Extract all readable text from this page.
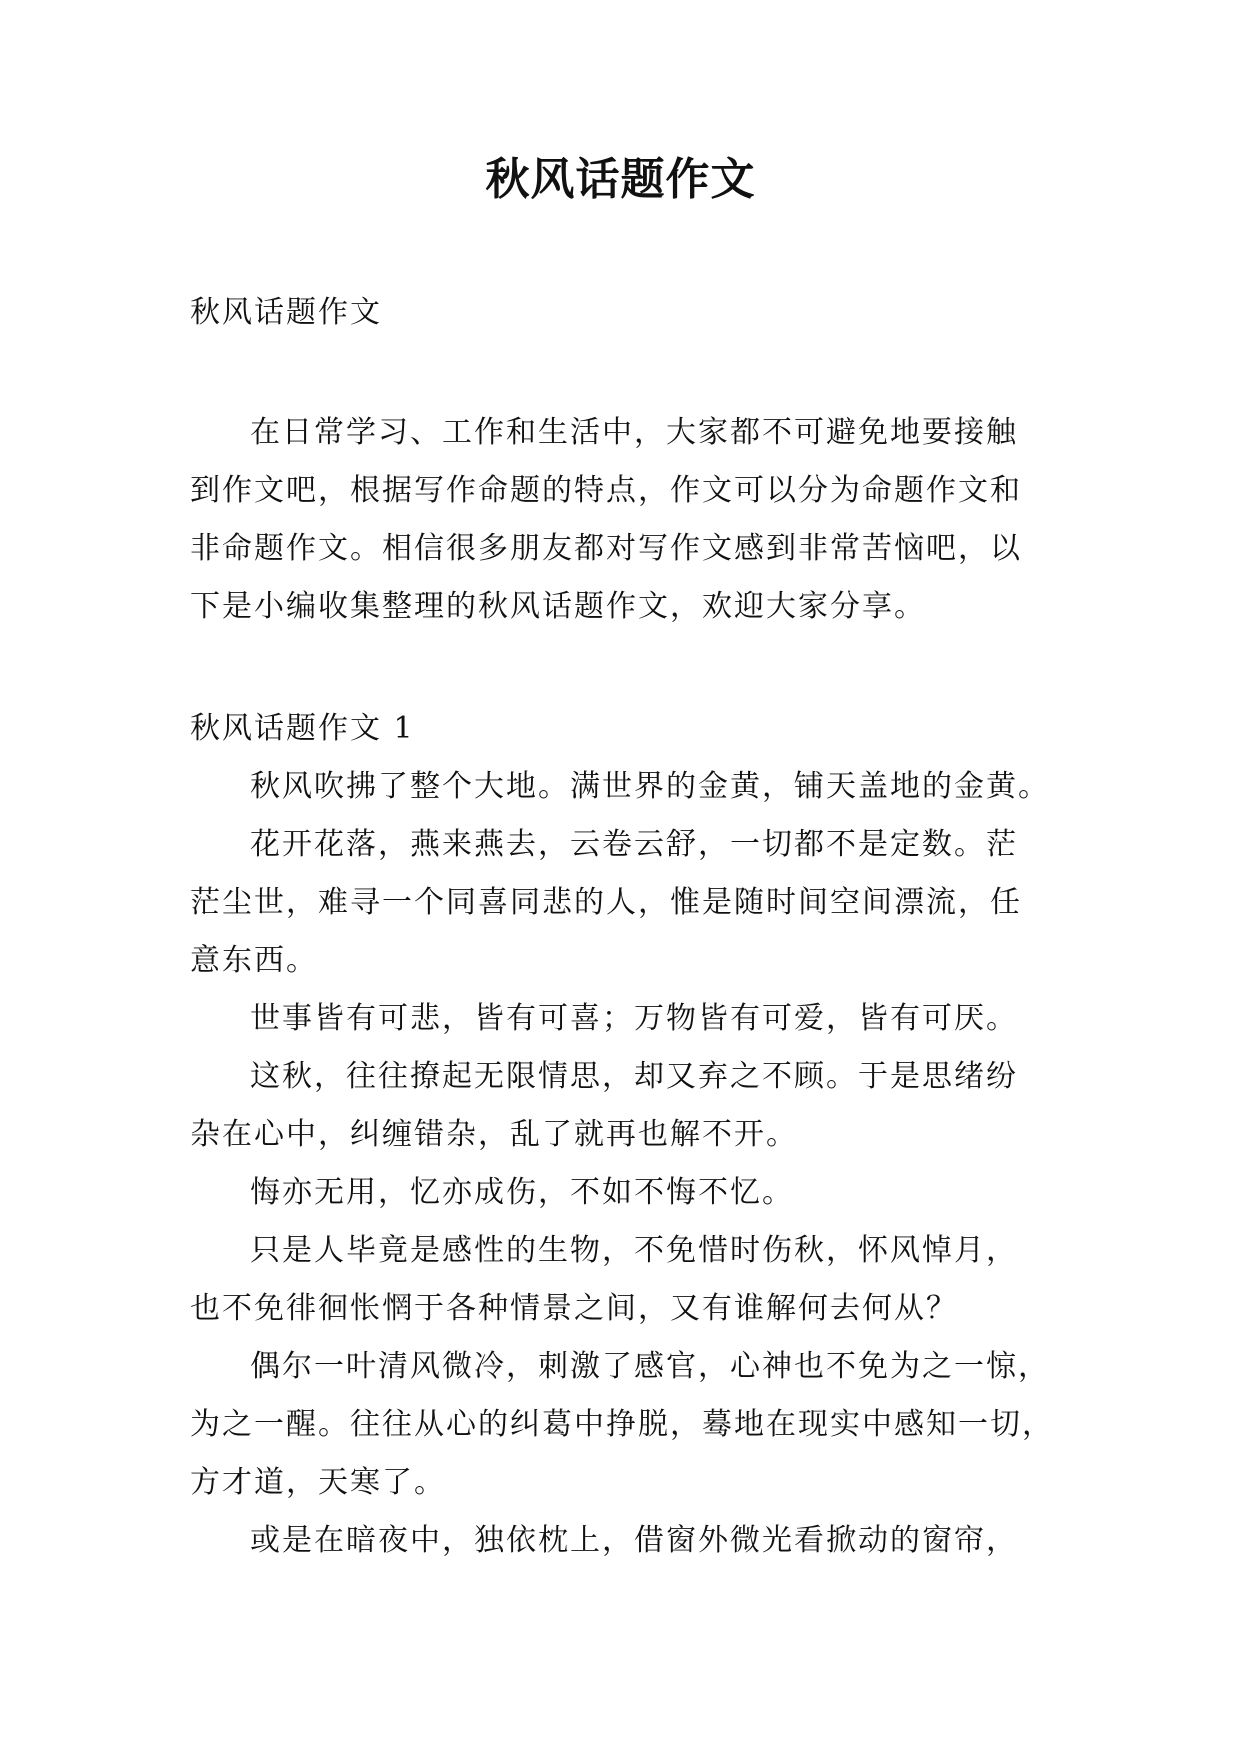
秋风话题作文
秋风话题作文
在日常学习、工作和生活中，大家都不可避免地要接触
到作文吧，根据写作命题的特点，作文可以分为命题作文和
非命题作文。相信很多朋友都对写作文感到非常苦恼吧，以
下是小编收集整理的秋风话题作文，欢迎大家分享。
秋风话题作文 1
秋风吹拂了整个大地。满世界的金黄，铺天盖地的金黄。
花开花落，燕来燕去，云卷云舒，一切都不是定数。茫
茫尘世，难寻一个同喜同悲的人，惟是随时间空间漂流，任
意东西。
世事皆有可悲，皆有可喜；万物皆有可爱，皆有可厌。
这秋，往往撩起无限情思，却又弃之不顾。于是思绪纷
杂在心中，纠缠错杂，乱了就再也解不开。
悔亦无用，忆亦成伤，不如不悔不忆。
只是人毕竟是感性的生物，不免惜时伤秋，怀风悼月，
也不免徘徊怅惘于各种情景之间，又有谁解何去何从？
偶尔一叶清风微冷，刺激了感官，心神也不免为之一惊，
为之一醒。往往从心的纠葛中挣脱，蓦地在现实中感知一切，
方才道，天寒了。
或是在暗夜中，独依枕上，借窗外微光看掀动的窗帘，
